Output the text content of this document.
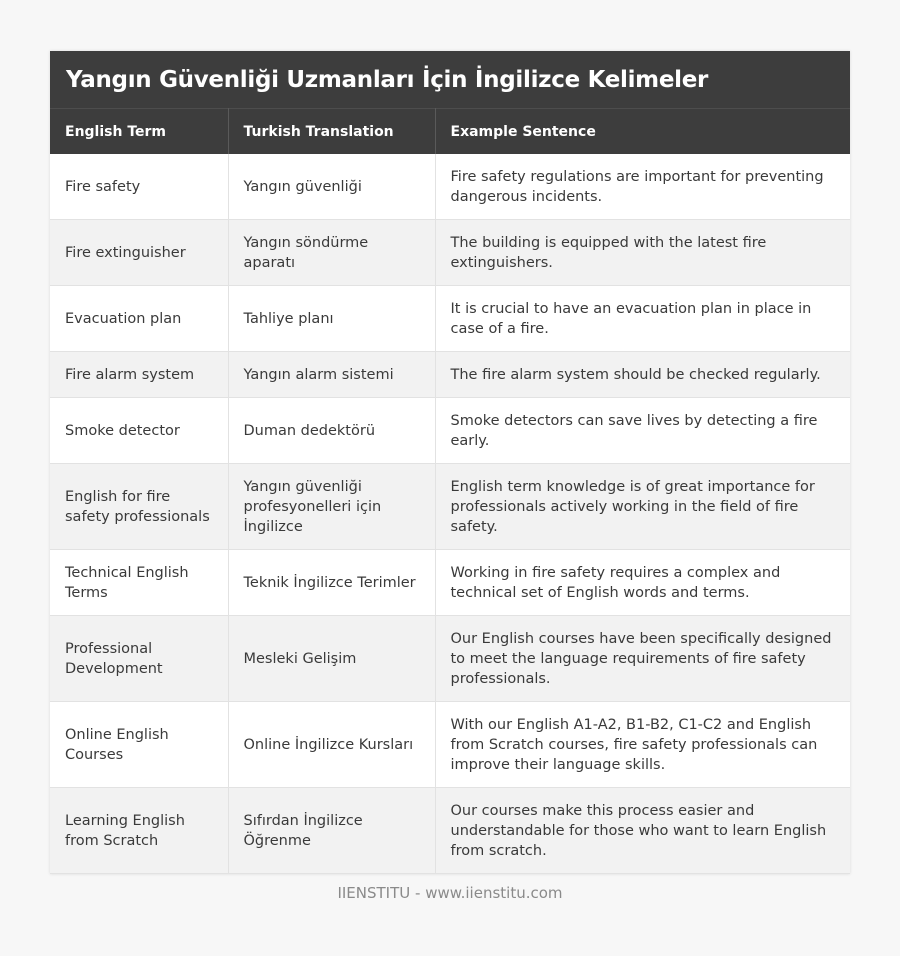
Yangın Güvenliği Uzmanları İçin İngilizce Kelimeler
English Term	Turkish Translation	Example Sentence
Fire safety	Yangın güvenliği	Fire safety regulations are important for preventing dangerous incidents.
Fire extinguisher	Yangın söndürme aparatı	The building is equipped with the latest fire extinguishers.
Evacuation plan	Tahliye planı	It is crucial to have an evacuation plan in place in case of a fire.
Fire alarm system	Yangın alarm sistemi	The fire alarm system should be checked regularly.
Smoke detector	Duman dedektörü	Smoke detectors can save lives by detecting a fire early.
English for fire safety professionals	Yangın güvenliği profesyonelleri için İngilizce	English term knowledge is of great importance for professionals actively working in the field of fire safety.
Technical English Terms	Teknik İngilizce Terimler	Working in fire safety requires a complex and technical set of English words and terms.
Professional Development	Mesleki Gelişim	Our English courses have been specifically designed to meet the language requirements of fire safety professionals.
Online English Courses	Online İngilizce Kursları	With our English A1-A2, B1-B2, C1-C2 and English from Scratch courses, fire safety professionals can improve their language skills.
Learning English from Scratch	Sıfırdan İngilizce Öğrenme	Our courses make this process easier and understandable for those who want to learn English from scratch.
IIENSTITU - www.iienstitu.com
